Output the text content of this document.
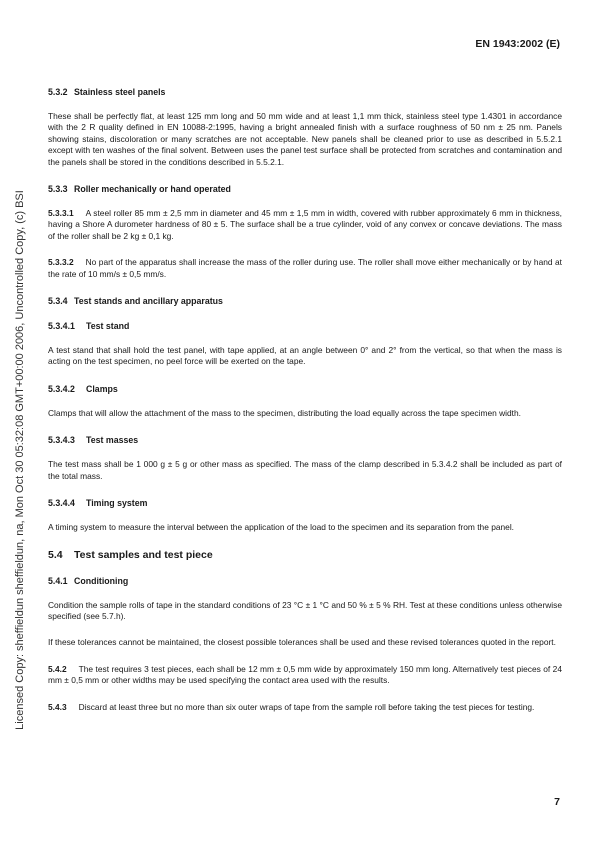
EN 1943:2002 (E)

Licensed Copy: sheffieldun sheffieldun, na, Mon Oct 30 05:32:08 GMT+00:00 2006, Uncontrolled Copy, (c) BSI
5.3.2 Stainless steel panels

These shall be perfectly flat, at least 125 mm long and 50 mm wide and at least 1,1 mm thick, stainless steel type 1.4301 in accordance with the 2 R quality defined in EN 10088-2:1995, having a bright annealed finish with a surface roughness of 50 nm ± 25 nm. Panels showing stains, discoloration or many scratches are not acceptable. New panels shall be cleaned prior to use as described in 5.5.2.1 except with ten washes of the final solvent. Between uses the panel test surface shall be protected from scratches and contamination and the panels shall be stored in the conditions described in 5.5.2.1.

5.3.3 Roller mechanically or hand operated

5.3.3.1 A steel roller 85 mm ± 2,5 mm in diameter and 45 mm ± 1,5 mm in width, covered with rubber approximately 6 mm in thickness, having a Shore A durometer hardness of 80 ± 5. The surface shall be a true cylinder, void of any convex or concave deviations. The mass of the roller shall be 2 kg ± 0,1 kg.

5.3.3.2 No part of the apparatus shall increase the mass of the roller during use. The roller shall move either mechanically or by hand at the rate of 10 mm/s ± 0,5 mm/s.

5.3.4 Test stands and ancillary apparatus
5.3.4.1 Test stand

A test stand that shall hold the test panel, with tape applied, at an angle between 0° and 2° from the vertical, so that when the mass is acting on the test specimen, no peel force will be exerted on the tape.

5.3.4.2 Clamps

Clamps that will allow the attachment of the mass to the specimen, distributing the load equally across the tape specimen width.

5.3.4.3 Test masses

The test mass shall be 1 000 g ± 5 g or other mass as specified. The mass of the clamp described in 5.3.4.2 shall be included as part of the total mass.

5.3.4.4 Timing system

A timing system to measure the interval between the application of the load to the specimen and its separation from the panel.

5.4 Test samples and test piece
5.4.1 Conditioning

Condition the sample rolls of tape in the standard conditions of 23 °C ± 1 °C and 50 % ± 5 % RH. Test at these conditions unless otherwise specified (see 5.7.h).

If these tolerances cannot be maintained, the closest possible tolerances shall be used and these revised tolerances quoted in the report.

5.4.2 The test requires 3 test pieces, each shall be 12 mm ± 0,5 mm wide by approximately 150 mm long. Alternatively test pieces of 24 mm ± 0,5 mm or other widths may be used specifying the contact area used with the results.

5.4.3 Discard at least three but no more than six outer wraps of tape from the sample roll before taking the test pieces for testing.

7
